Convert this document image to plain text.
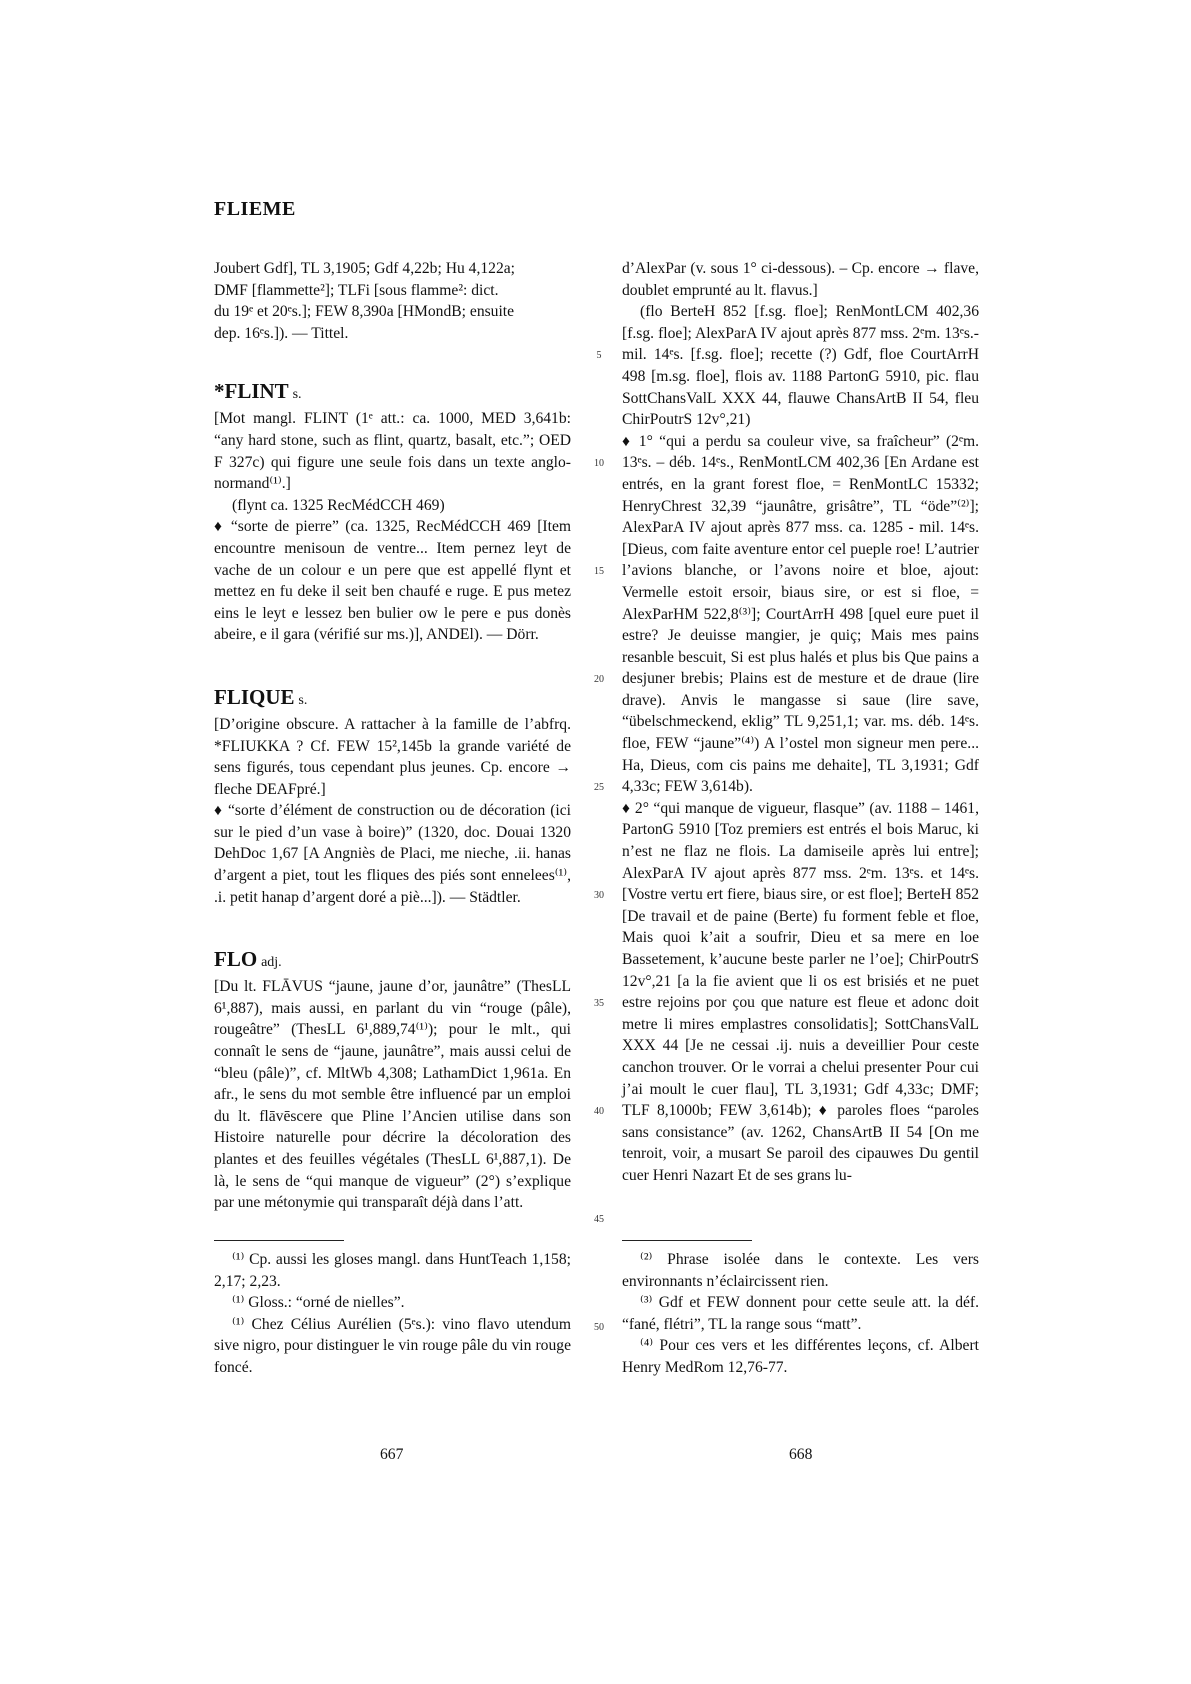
FLIEME

Joubert Gdf], TL 3,1905; Gdf 4,22b; Hu 4,122a;

DMF [flammette²]; TLFi [sous flamme²: dict.

du 19ᵉ et 20ᵉs.]; FEW 8,390a [HMondB; ensuite

dep. 16ᵉs.]). — Tittel.

*FLINT s.

[Mot mangl. FLINT (1ᵉ att.: ca. 1000, MED 3,641b: “any hard stone, such as flint, quartz, basalt, etc.”; OED F 327c) qui figure une seule fois dans un texte anglo-normand⁽¹⁾.]

(flynt ca. 1325 RecMédCCH 469)

♦ “sorte de pierre” (ca. 1325, RecMédCCH 469 [Item encountre menisoun de ventre... Item pernez leyt de vache de un colour e un pere que est appellé flynt et mettez en fu deke il seit ben chaufé e ruge. E pus metez eins le leyt e lessez ben bulier ow le pere e pus donès abeire, e il gara (vérifié sur ms.)], ANDEl). — Dörr.

FLIQUE s.

[D’origine obscure. A rattacher à la famille de l’abfrq. *FLIUKKA ? Cf. FEW 15²,145b la grande variété de sens figurés, tous cependant plus jeunes. Cp. encore → fleche DEAFpré.]

♦ “sorte d’élément de construction ou de décoration (ici sur le pied d’un vase à boire)” (1320, doc. Douai 1320 DehDoc 1,67 [A Angniès de Placi, me nieche, .ii. hanas d’argent a piet, tout les fliques des piés sont ennelees⁽¹⁾, .i. petit hanap d’argent doré a piè...]). — Städtler.

FLO adj.

[Du lt. FLĀVUS “jaune, jaune d’or, jaunâtre” (ThesLL 6¹,887), mais aussi, en parlant du vin “rouge (pâle), rougeâtre” (ThesLL 6¹,889,74⁽¹⁾); pour le mlt., qui connaît le sens de “jaune, jaunâtre”, mais aussi celui de “bleu (pâle)”, cf. MltWb 4,308; LathamDict 1,961a. En afr., le sens du mot semble être influencé par un emploi du lt. flāvēscere que Pline l’Ancien utilise dans son Histoire naturelle pour décrire la décoloration des plantes et des feuilles végétales (ThesLL 6¹,887,1). De là, le sens de “qui manque de vigueur” (2°) s’explique par une métonymie qui transparaît déjà dans l’att.

⁽¹⁾ Cp. aussi les gloses mangl. dans HuntTeach 1,158; 2,17; 2,23.

⁽¹⁾ Gloss.: “orné de nielles”.

⁽¹⁾ Chez Célius Aurélien (5ᵉs.): vino flavo utendum sive nigro, pour distinguer le vin rouge pâle du vin rouge foncé.

d’AlexPar (v. sous 1° ci-dessous). – Cp. encore → flave, doublet emprunté au lt. flavus.]

(flo BerteH 852 [f.sg. floe]; RenMontLCM 402,36 [f.sg. floe]; AlexParA IV ajout après 877 mss. 2ᵉm. 13ᵉs.-mil. 14ᵉs. [f.sg. floe]; recette (?) Gdf, floe CourtArrH 498 [m.sg. floe], flois av. 1188 PartonG 5910, pic. flau SottChansValL XXX 44, flauwe ChansArtB II 54, fleu ChirPoutrS 12v°,21)

♦ 1° “qui a perdu sa couleur vive, sa fraîcheur” (2ᵉm. 13ᵉs. – déb. 14ᵉs., RenMontLCM 402,36 [En Ardane est entrés, en la grant forest floe, = RenMontLC 15332; HenryChrest 32,39 “jaunâtre, grisâtre”, TL “öde”⁽²⁾]; AlexParA IV ajout après 877 mss. ca. 1285 - mil. 14ᵉs. [Dieus, com faite aventure entor cel pueple roe! L’autrier l’avions blanche, or l’avons noire et bloe, ajout: Vermelle estoit ersoir, biaus sire, or est si floe, = AlexParHM 522,8⁽³⁾]; CourtArrH 498 [quel eure puet il estre? Je deuisse mangier, je quiç; Mais mes pains resanble bescuit, Si est plus halés et plus bis Que pains a desjuner brebis; Plains est de mesture et de draue (lire drave). Anvis le mangasse si saue (lire save, “übelschmeckend, eklig” TL 9,251,1; var. ms. déb. 14ᵉs. floe, FEW “jaune”⁽⁴⁾) A l’ostel mon signeur men pere... Ha, Dieus, com cis pains me dehaite], TL 3,1931; Gdf 4,33c; FEW 3,614b).

♦ 2° “qui manque de vigueur, flasque” (av. 1188 – 1461, PartonG 5910 [Toz premiers est entrés el bois Maruc, ki n’est ne flaz ne flois. La damiseile après lui entre]; AlexParA IV ajout après 877 mss. 2ᵉm. 13ᵉs. et 14ᵉs. [Vostre vertu ert fiere, biaus sire, or est floe]; BerteH 852 [De travail et de paine (Berte) fu forment feble et floe, Mais quoi k’ait a soufrir, Dieu et sa mere en loe Bassetement, k’aucune beste parler ne l’oe]; ChirPoutrS 12v°,21 [a la fie avient que li os est brisiés et ne puet estre rejoins por çou que nature est fleue et adonc doit metre li mires emplastres consolidatis]; SottChansValL XXX 44 [Je ne cessai .ij. nuis a deveillier Pour ceste canchon trouver. Or le vorrai a chelui presenter Pour cui j’ai moult le cuer flau], TL 3,1931; Gdf 4,33c; DMF; TLF 8,1000b; FEW 3,614b); ♦ paroles floes “paroles sans consistance” (av. 1262, ChansArtB II 54 [On me tenroit, voir, a musart Se paroil des cipauwes Du gentil cuer Henri Nazart Et de ses grans lu-

⁽²⁾ Phrase isolée dans le contexte. Les vers environnants n’éclaircissent rien.

⁽³⁾ Gdf et FEW donnent pour cette seule att. la déf. “fané, flétri”, TL la range sous “matt”.

⁽⁴⁾ Pour ces vers et les différentes leçons, cf. Albert Henry MedRom 12,76-77.

5
10
15
20
25
30
35
40
45
50
667	668
